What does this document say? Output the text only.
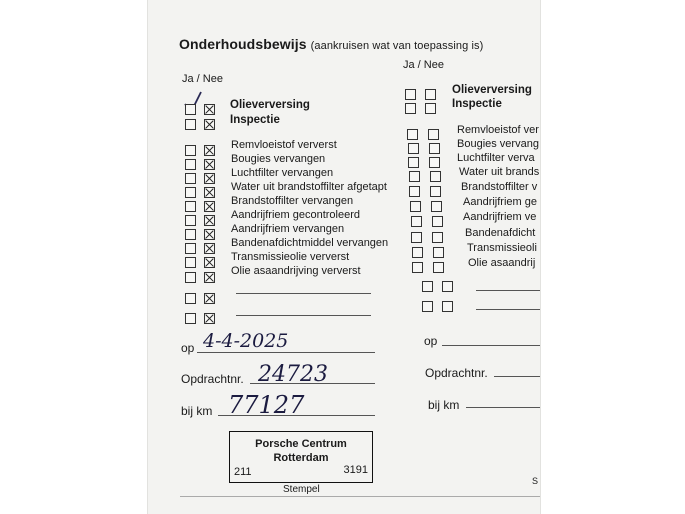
Onderhoudsbewijs (aankruisen wat van toepassing is)
Ja / Nee
Ja / Nee
Olieverversing
Inspectie
Remvloeistof ververst
Bougies vervangen
Luchtfilter vervangen
Water uit brandstoffilter afgetapt
Brandstoffilter vervangen
Aandrijfriem gecontroleerd
Aandrijfriem vervangen
Bandenafdichtmiddel vervangen
Transmissieolie ververst
Olie asaandrijving ververst
Olieverversing
Inspectie
Remvloeistof ver
Bougies vervang
Luchtfilter verva
Water uit brands
Brandstoffilter v
Aandrijfriem ge
Aandrijfriem ve
Bandenafdicht
Transmissieoli
Olie asaandrij
op 4-4-2025
Opdrachtnr. 24723
bij km 77127
op
Opdrachtnr.
bij km
Porsche Centrum
Rotterdam
211	3191
Stempel
S
